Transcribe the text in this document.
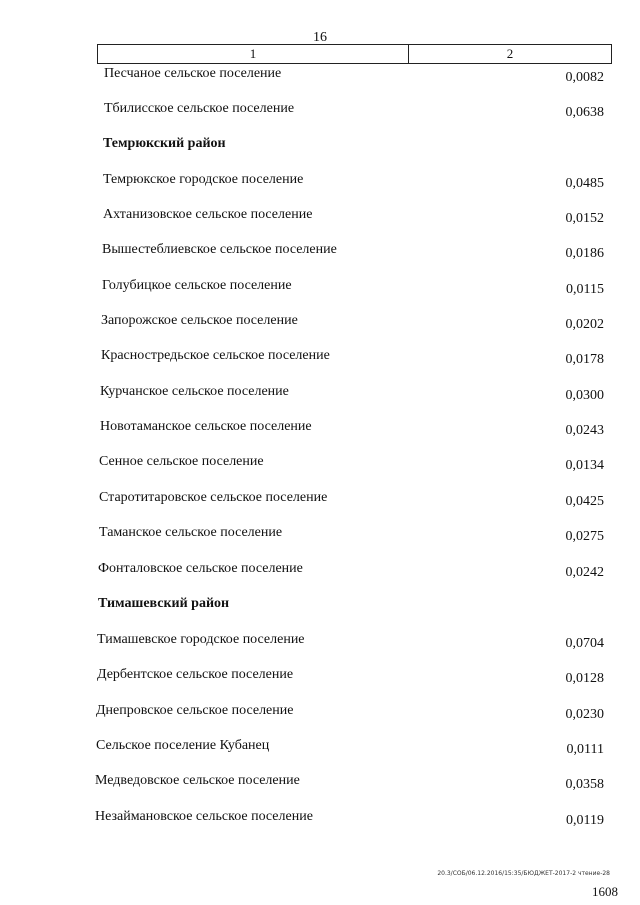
16
1	2
Песчаное сельское поселение	0,0082
Тбилисское сельское поселение	0,0638
Темрюкский район
Темрюкское городское поселение	0,0485
Ахтанизовское сельское поселение	0,0152
Вышестеблиевское сельское поселение	0,0186
Голубицкое сельское поселение	0,0115
Запорожское сельское поселение	0,0202
Красностредьское сельское поселение	0,0178
Курчанское сельское поселение	0,0300
Новотаманское сельское поселение	0,0243
Сенное сельское поселение	0,0134
Старотитаровское сельское поселение	0,0425
Таманское сельское поселение	0,0275
Фонталовское сельское поселение	0,0242
Тимашевский район
Тимашевское городское поселение	0,0704
Дербентское сельское поселение	0,0128
Днепровское сельское поселение	0,0230
Сельское поселение Кубанец	0,0111
Медведовское сельское поселение	0,0358
Незаймановское сельское поселение	0,0119
20.3/СОБ/06.12.2016/15:35/БЮДЖЕТ-2017-2 чтение-28
1608
